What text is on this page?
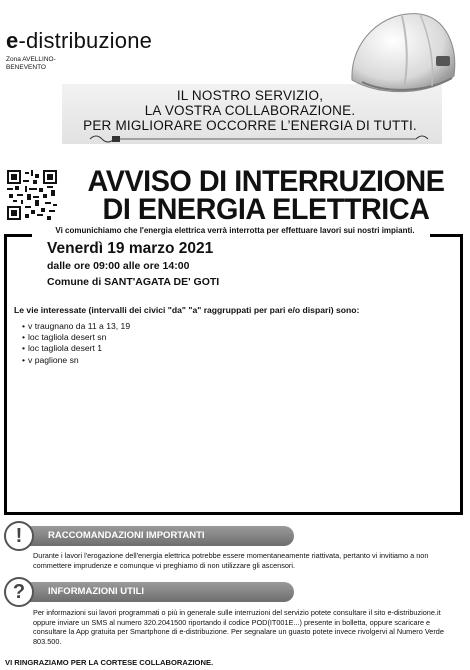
e-distribuzione
Zona AVELLINO-
BENEVENTO
IL NOSTRO SERVIZIO,
LA VOSTRA COLLABORAZIONE.
PER MIGLIORARE OCCORRE L’ENERGIA DI TUTTI.
AVVISO DI INTERRUZIONE
DI ENERGIA ELETTRICA
Vi comunichiamo che l'energia elettrica verrà interrotta per effettuare lavori sui nostri impianti.
Venerdì 19 marzo 2021
dalle ore 09:00 alle ore 14:00
Comune di SANT'AGATA DE' GOTI
Le vie interessate (intervalli dei civici "da" "a" raggruppati per pari e/o dispari) sono:
• v traugnano da 11 a 13, 19
• loc tagliola desert sn
• loc tagliola desert 1
• v paglione sn
RACCOMANDAZIONI IMPORTANTI
!
Durante i lavori l'erogazione dell'energia elettrica potrebbe essere momentaneamente riattivata, pertanto vi invitiamo a non commettere imprudenze e comunque vi preghiamo di non utilizzare gli ascensori.
INFORMAZIONI UTILI
?
Per informazioni sui lavori programmati o più in generale sulle interruzioni del servizio potete consultare il sito e-distribuzione.it oppure inviare un SMS al numero 320.2041500 riportando il codice POD(IT001E...) presente in bolletta, oppure scaricare e consultare la App gratuita per Smartphone di e-distribuzione. Per segnalare un guasto potete invece rivolgervi al Numero Verde 803.500.
VI RINGRAZIAMO PER LA CORTESE COLLABORAZIONE.
